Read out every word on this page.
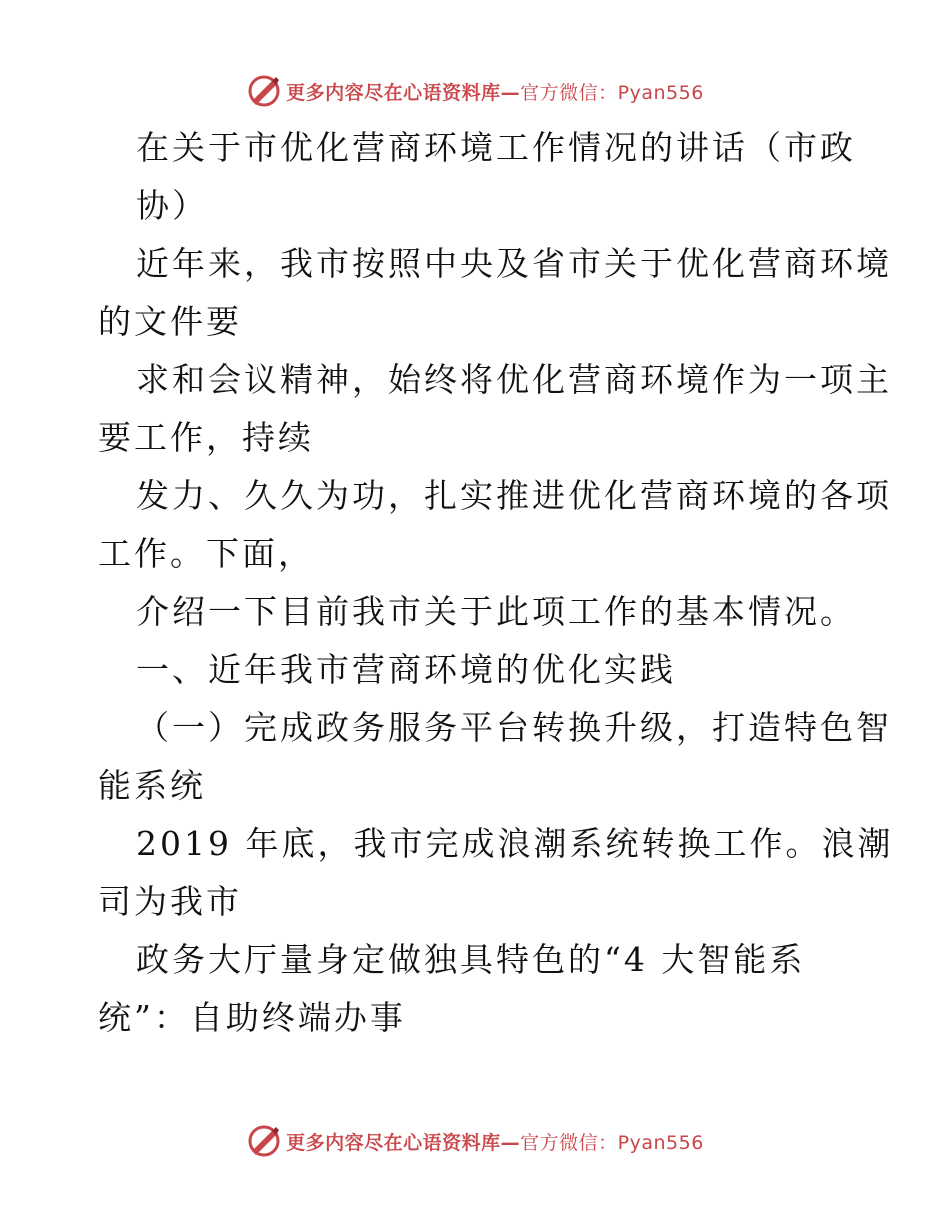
更多内容尽在心语资料库—官方微信：Pyan556
在关于市优化营商环境工作情况的讲话（市政
协）
近年来，我市按照中央及省市关于优化营商环境
的文件要
求和会议精神，始终将优化营商环境作为一项主
要工作，持续
发力、久久为功，扎实推进优化营商环境的各项
工作。下面，
介绍一下目前我市关于此项工作的基本情况。
一、近年我市营商环境的优化实践
（一）完成政务服务平台转换升级，打造特色智
能系统
2019 年底，我市完成浪潮系统转换工作。浪潮
司为我市
政务大厅量身定做独具特色的“4 大智能系
统”：自助终端办事
更多内容尽在心语资料库—官方微信：Pyan556
